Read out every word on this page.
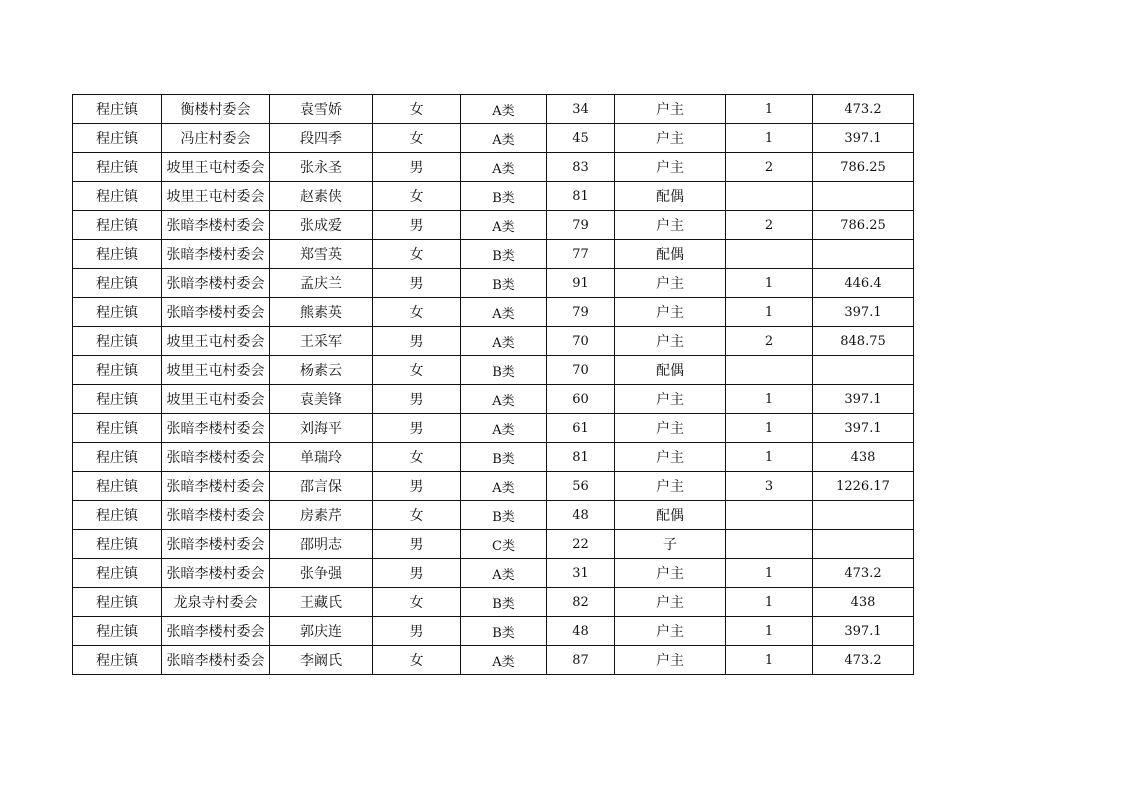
程庄镇	衡楼村委会	袁雪娇	女	A类	34	户主	1	473.2
程庄镇	冯庄村委会	段四季	女	A类	45	户主	1	397.1
程庄镇	坡里王屯村委会	张永圣	男	A类	83	户主	2	786.25
程庄镇	坡里王屯村委会	赵素侠	女	B类	81	配偶		
程庄镇	张暗李楼村委会	张成爱	男	A类	79	户主	2	786.25
程庄镇	张暗李楼村委会	郑雪英	女	B类	77	配偶		
程庄镇	张暗李楼村委会	孟庆兰	男	B类	91	户主	1	446.4
程庄镇	张暗李楼村委会	熊素英	女	A类	79	户主	1	397.1
程庄镇	坡里王屯村委会	王采军	男	A类	70	户主	2	848.75
程庄镇	坡里王屯村委会	杨素云	女	B类	70	配偶		
程庄镇	坡里王屯村委会	袁美锋	男	A类	60	户主	1	397.1
程庄镇	张暗李楼村委会	刘海平	男	A类	61	户主	1	397.1
程庄镇	张暗李楼村委会	单瑞玲	女	B类	81	户主	1	438
程庄镇	张暗李楼村委会	邵言保	男	A类	56	户主	3	1226.17
程庄镇	张暗李楼村委会	房素芹	女	B类	48	配偶		
程庄镇	张暗李楼村委会	邵明志	男	C类	22	子		
程庄镇	张暗李楼村委会	张争强	男	A类	31	户主	1	473.2
程庄镇	龙泉寺村委会	王藏氏	女	B类	82	户主	1	438
程庄镇	张暗李楼村委会	郭庆连	男	B类	48	户主	1	397.1
程庄镇	张暗李楼村委会	李阚氏	女	A类	87	户主	1	473.2
